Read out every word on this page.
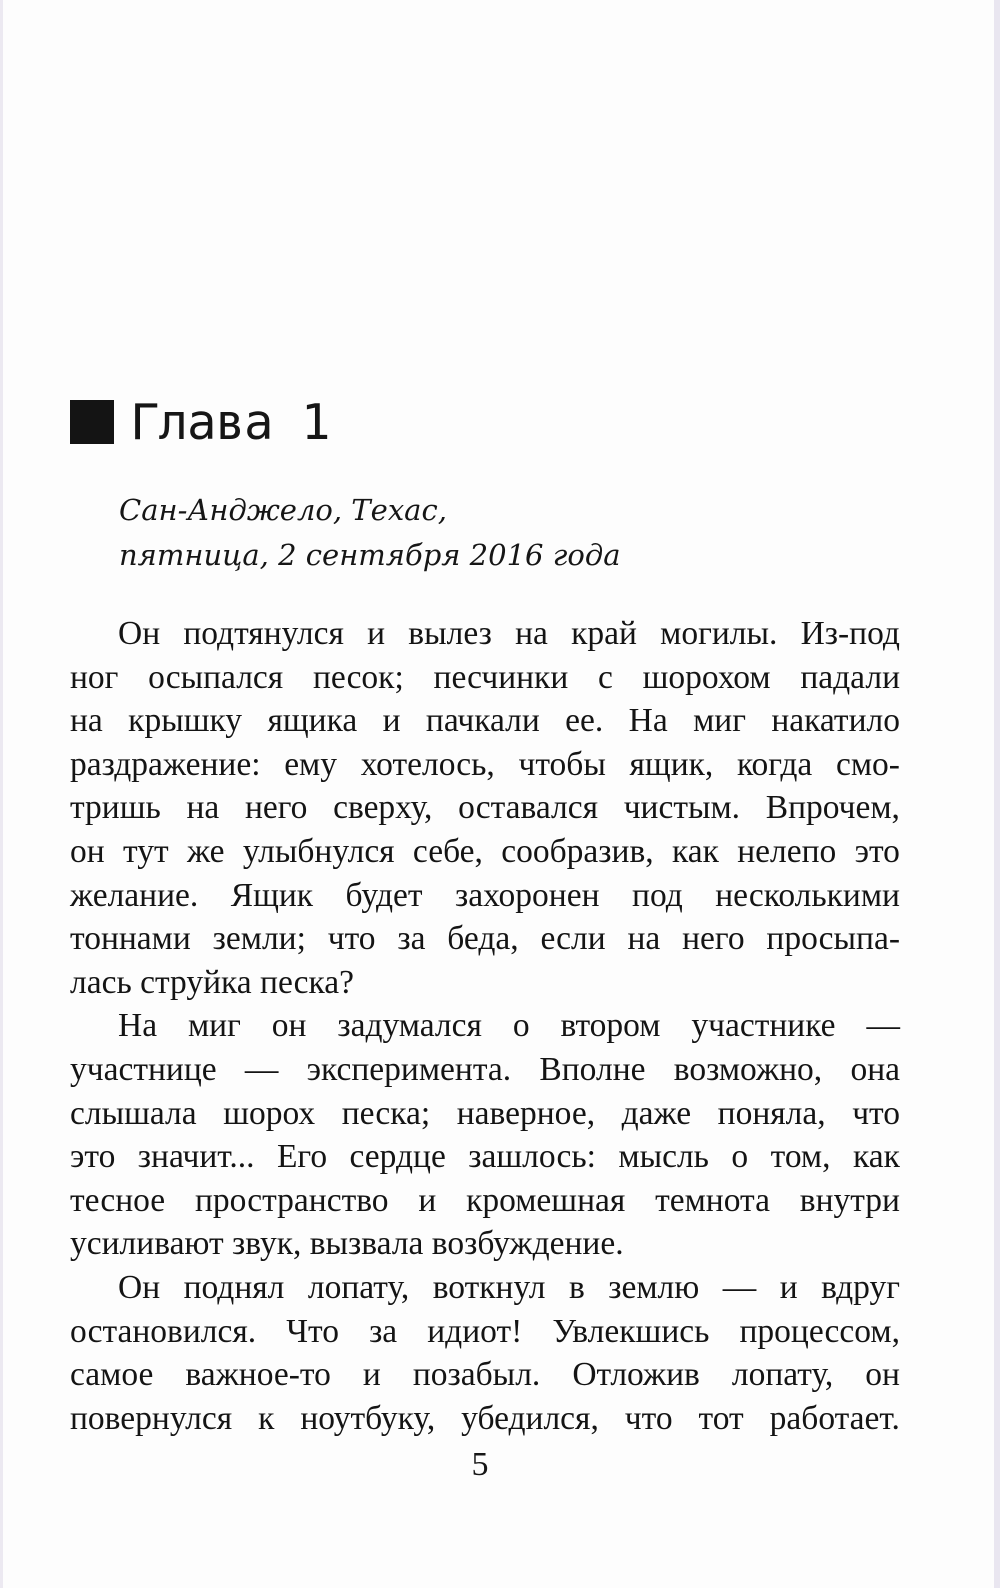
Глава 1
Сан-Анджело, Техас,
пятница, 2 сентября 2016 года
Он подтянулся и вылез на край могилы. Из-под
ног осыпался песок; песчинки с шорохом падали
на крышку ящика и пачкали ее. На миг накатило
раздражение: ему хотелось, чтобы ящик, когда смо-
тришь на него сверху, оставался чистым. Впрочем,
он тут же улыбнулся себе, сообразив, как нелепо это
желание. Ящик будет захоронен под несколькими
тоннами земли; что за беда, если на него просыпа-
лась струйка песка?
На миг он задумался о втором участнике —
участнице — эксперимента. Вполне возможно, она
слышала шорох песка; наверное, даже поняла, что
это значит... Его сердце зашлось: мысль о том, как
тесное пространство и кромешная темнота внутри
усиливают звук, вызвала возбуждение.
Он поднял лопату, воткнул в землю — и вдруг
остановился. Что за идиот! Увлекшись процессом,
самое важное-то и позабыл. Отложив лопату, он
повернулся к ноутбуку, убедился, что тот работает.
5
